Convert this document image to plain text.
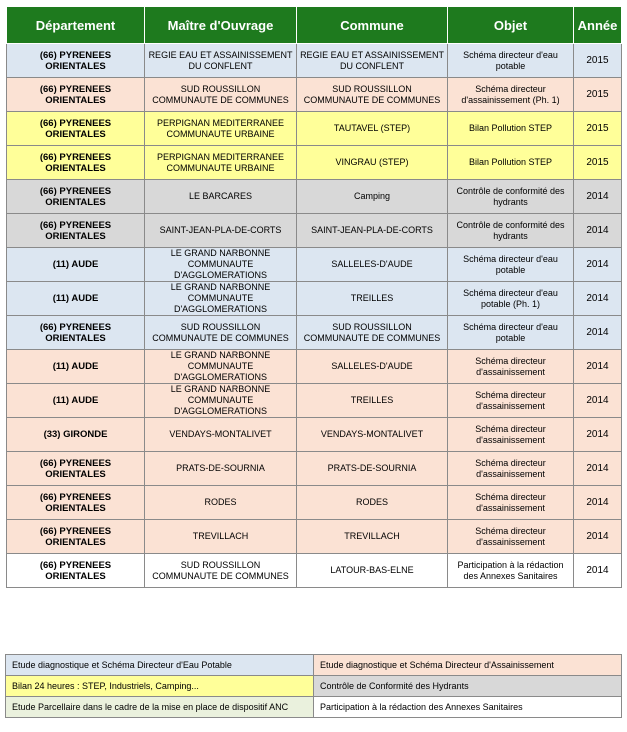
Département	Maître d'Ouvrage	Commune	Objet	Année
(66) PYRENEES ORIENTALES	REGIE EAU ET ASSAINISSEMENT DU CONFLENT	REGIE EAU ET ASSAINISSEMENT DU CONFLENT	Schéma directeur d'eau potable	2015
(66) PYRENEES ORIENTALES	SUD ROUSSILLON COMMUNAUTE DE COMMUNES	SUD ROUSSILLON COMMUNAUTE DE COMMUNES	Schéma directeur d'assainissement (Ph. 1)	2015
(66) PYRENEES ORIENTALES	PERPIGNAN MEDITERRANEE COMMUNAUTE URBAINE	TAUTAVEL (STEP)	Bilan Pollution STEP	2015
(66) PYRENEES ORIENTALES	PERPIGNAN MEDITERRANEE COMMUNAUTE URBAINE	VINGRAU (STEP)	Bilan Pollution STEP	2015
(66) PYRENEES ORIENTALES	LE BARCARES	Camping	Contrôle de conformité des hydrants	2014
(66) PYRENEES ORIENTALES	SAINT-JEAN-PLA-DE-CORTS	SAINT-JEAN-PLA-DE-CORTS	Contrôle de conformité des hydrants	2014
(11) AUDE	LE GRAND NARBONNE COMMUNAUTE D'AGGLOMERATIONS	SALLELES-D'AUDE	Schéma directeur d'eau potable	2014
(11) AUDE	LE GRAND NARBONNE COMMUNAUTE D'AGGLOMERATIONS	TREILLES	Schéma directeur d'eau potable (Ph. 1)	2014
(66) PYRENEES ORIENTALES	SUD ROUSSILLON COMMUNAUTE DE COMMUNES	SUD ROUSSILLON COMMUNAUTE DE COMMUNES	Schéma directeur d'eau potable	2014
(11) AUDE	LE GRAND NARBONNE COMMUNAUTE D'AGGLOMERATIONS	SALLELES-D'AUDE	Schéma directeur d'assainissement	2014
(11) AUDE	LE GRAND NARBONNE COMMUNAUTE D'AGGLOMERATIONS	TREILLES	Schéma directeur d'assainissement	2014
(33) GIRONDE	VENDAYS-MONTALIVET	VENDAYS-MONTALIVET	Schéma directeur d'assainissement	2014
(66) PYRENEES ORIENTALES	PRATS-DE-SOURNIA	PRATS-DE-SOURNIA	Schéma directeur d'assainissement	2014
(66) PYRENEES ORIENTALES	RODES	RODES	Schéma directeur d'assainissement	2014
(66) PYRENEES ORIENTALES	TREVILLACH	TREVILLACH	Schéma directeur d'assainissement	2014
(66) PYRENEES ORIENTALES	SUD ROUSSILLON COMMUNAUTE DE COMMUNES	LATOUR-BAS-ELNE	Participation à la rédaction des Annexes Sanitaires	2014
Etude diagnostique et Schéma Directeur d'Eau Potable	Etude diagnostique et Schéma Directeur d'Assainissement
Bilan 24 heures : STEP, Industriels, Camping...	Contrôle de Conformité des Hydrants
Etude Parcellaire dans le cadre de la mise en place de dispositif ANC	Participation à la rédaction des Annexes Sanitaires
